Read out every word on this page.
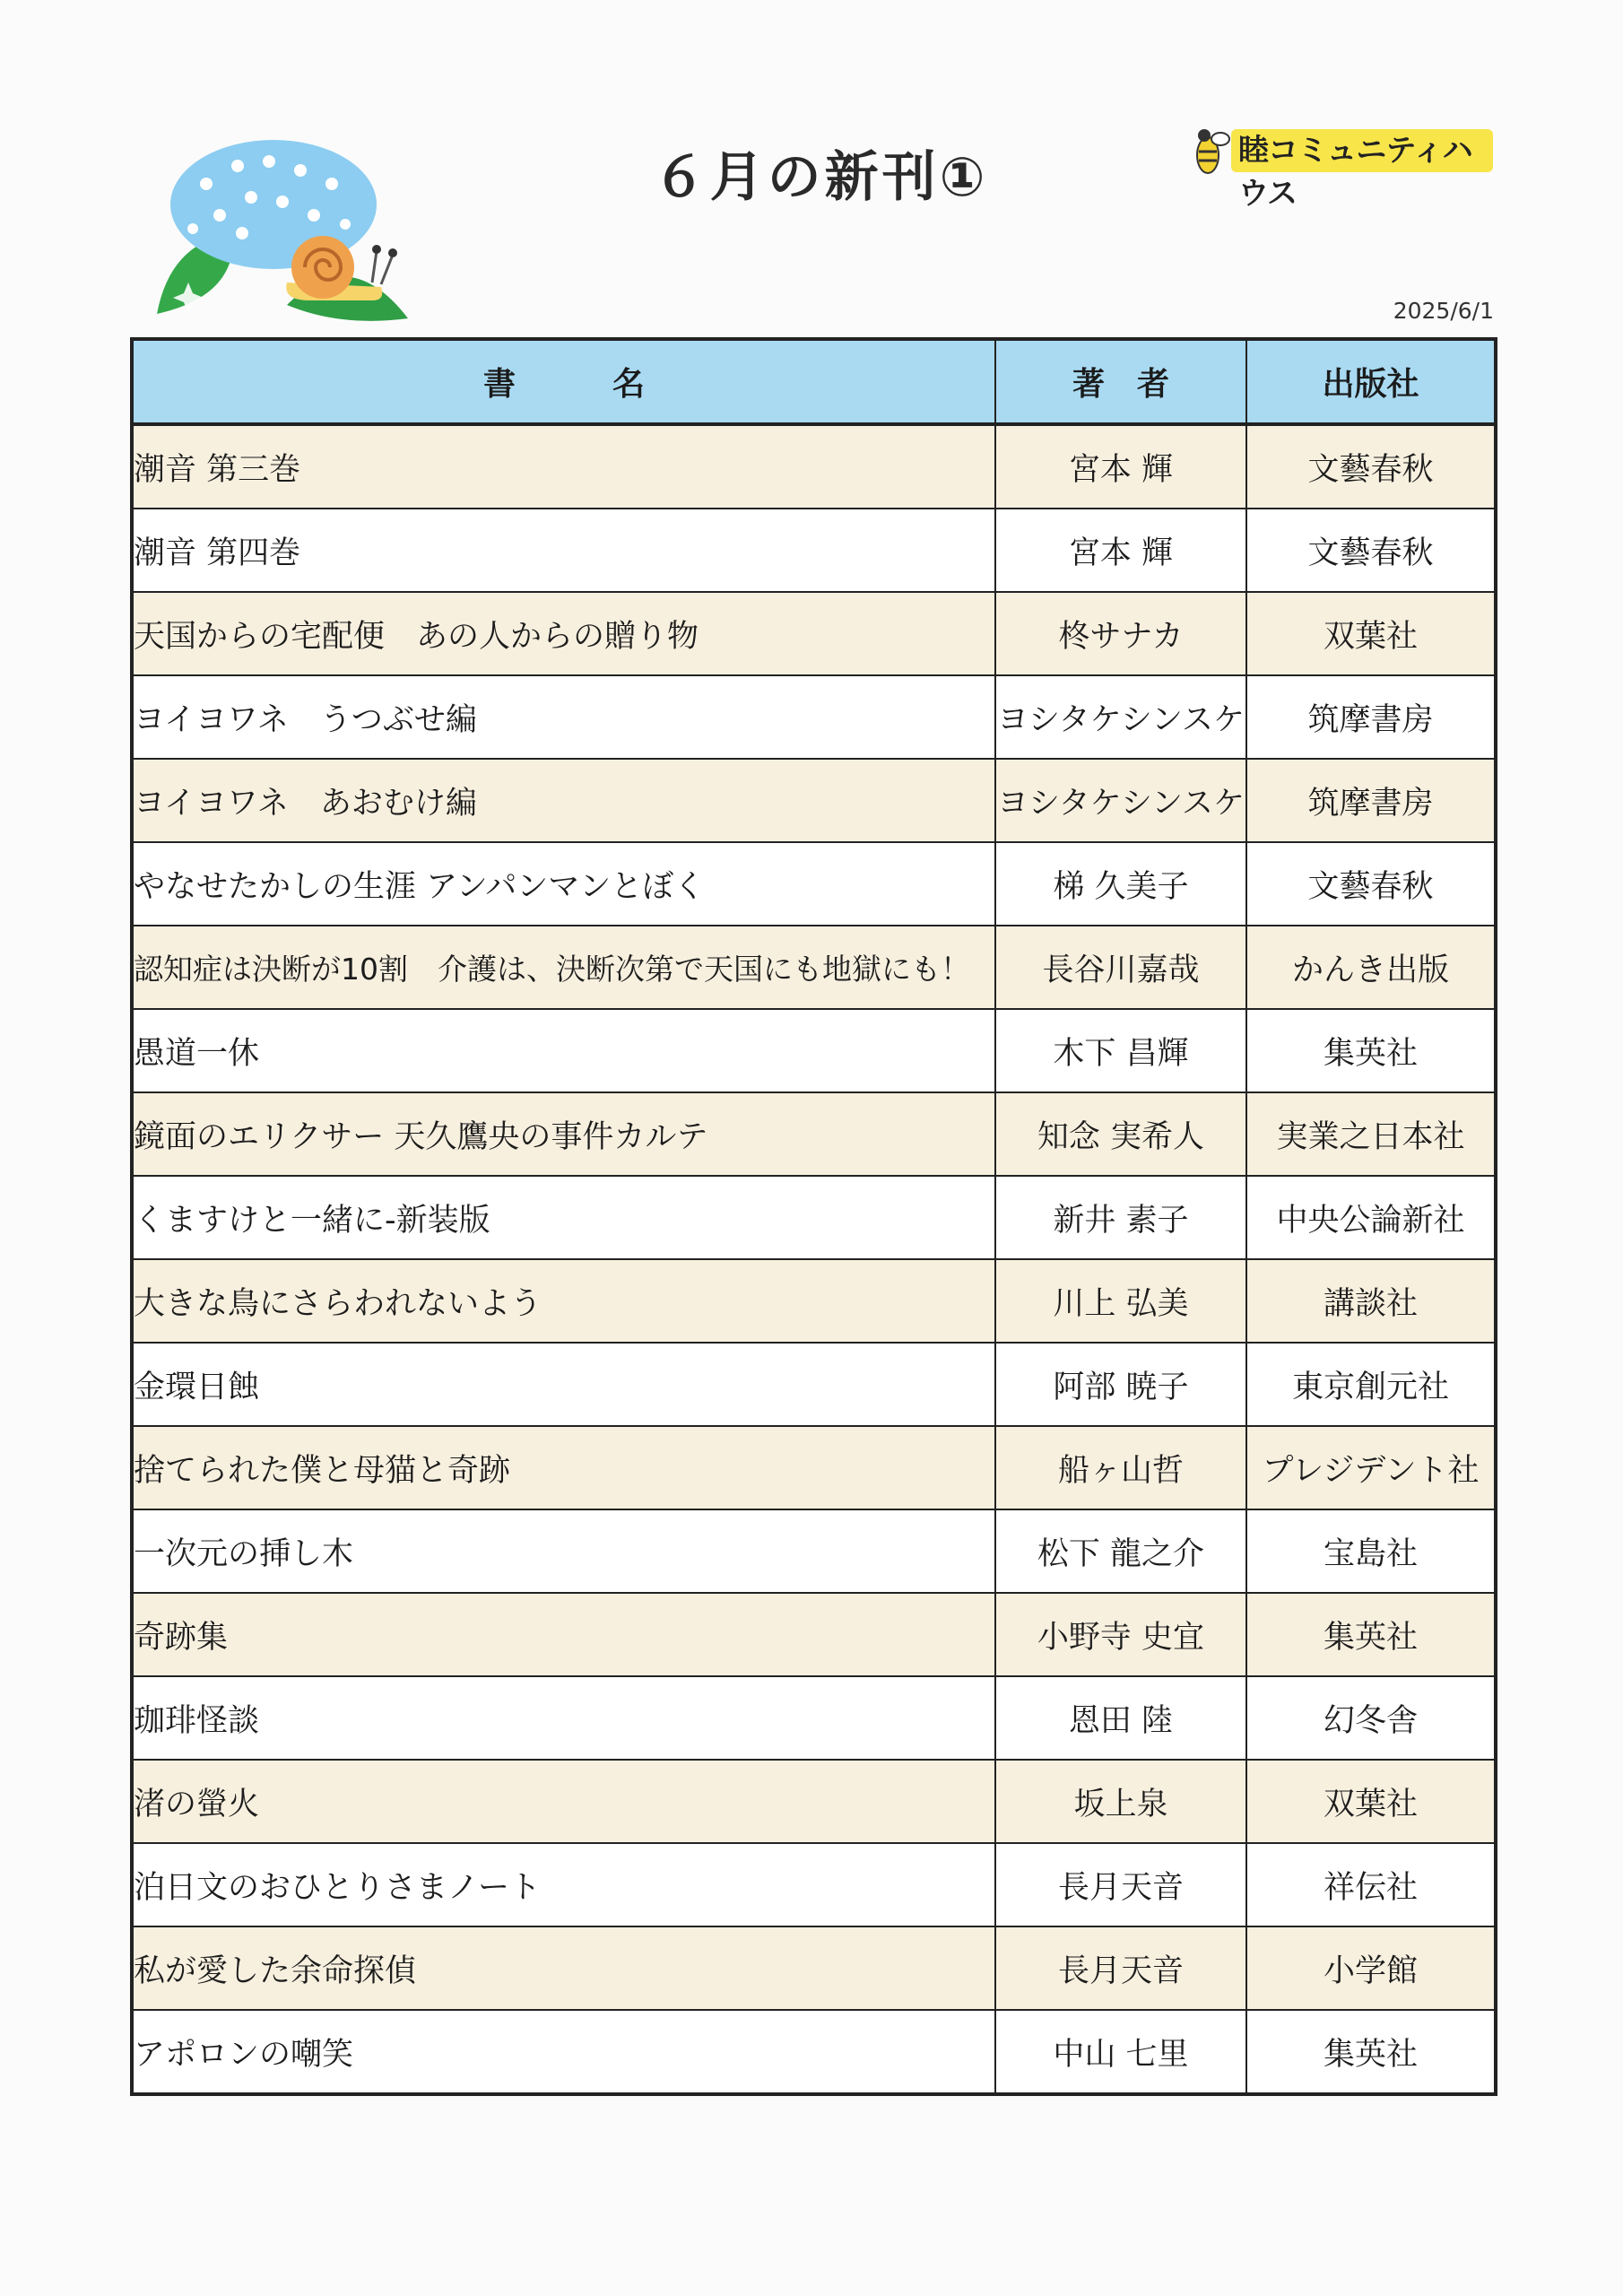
６月の新刊①	睦コミュニティハウス
2025/6/1
書　　　名	著　者	出版社
潮音 第三巻	宮本 輝	文藝春秋
潮音 第四巻	宮本 輝	文藝春秋
天国からの宅配便　あの人からの贈り物	柊サナカ	双葉社
ヨイヨワネ　うつぶせ編	ヨシタケシンスケ	筑摩書房
ヨイヨワネ　あおむけ編	ヨシタケシンスケ	筑摩書房
やなせたかしの生涯 アンパンマンとぼく	梯 久美子	文藝春秋
認知症は決断が10割　介護は、決断次第で天国にも地獄にも！	長谷川嘉哉	かんき出版
愚道一休	木下 昌輝	集英社
鏡面のエリクサー 天久鷹央の事件カルテ	知念 実希人	実業之日本社
くますけと一緒に-新装版	新井 素子	中央公論新社
大きな鳥にさらわれないよう	川上 弘美	講談社
金環日蝕	阿部 暁子	東京創元社
捨てられた僕と母猫と奇跡	船ヶ山哲	プレジデント社
一次元の挿し木	松下 龍之介	宝島社
奇跡集	小野寺 史宜	集英社
珈琲怪談	恩田 陸	幻冬舎
渚の螢火	坂上泉	双葉社
泊日文のおひとりさまノート	長月天音	祥伝社
私が愛した余命探偵	長月天音	小学館
アポロンの嘲笑	中山 七里	集英社
